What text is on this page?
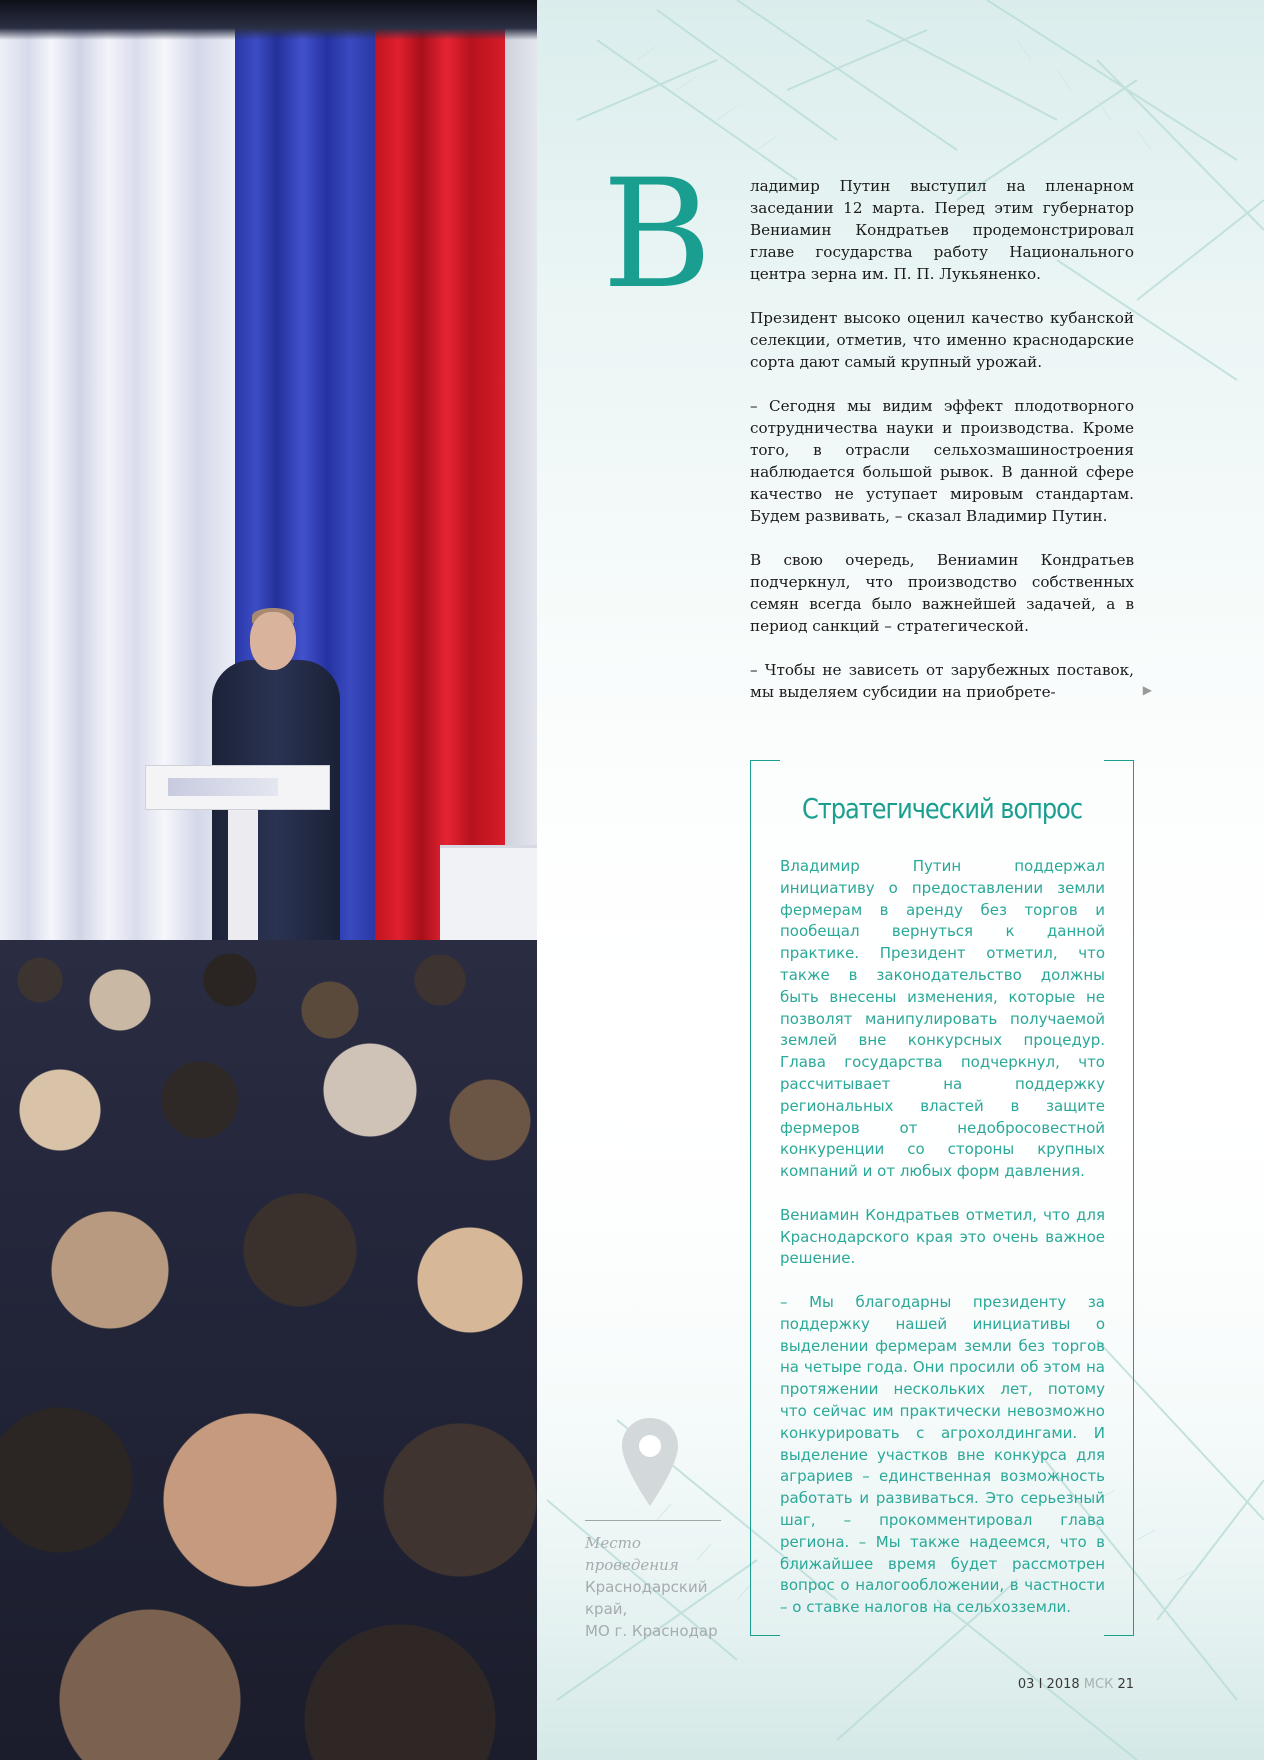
В ладимир Путин выступил на пленарном заседании 12 марта. Перед этим губернатор Вениамин Кондратьев продемонстрировал главе государства работу Национального центра зерна им. П. П. Лукьяненко.

Президент высоко оценил качество кубанской селекции, отметив, что именно краснодарские сорта дают самый крупный урожай.

– Сегодня мы видим эффект плодотворного сотрудничества науки и производства. Кроме того, в отрасли сельхозмашиностроения наблюдается большой рывок. В данной сфере качество не уступает мировым стандартам. Будем развивать, – сказал Владимир Путин.

В свою очередь, Вениамин Кондратьев подчеркнул, что производство собственных семян всегда было важнейшей задачей, а в период санкций – стратегической.

– Чтобы не зависеть от зарубежных поставок, мы выделяем субсидии на приобрете-	▶

Стратегический вопрос

Владимир Путин поддержал инициативу о предоставлении земли фермерам в аренду без торгов и пообещал вернуться к данной практике. Президент отметил, что также в законодательство должны быть внесены изменения, которые не позволят манипулировать получаемой землей вне конкурсных процедур. Глава государства подчеркнул, что рассчитывает на поддержку региональных властей в защите фермеров от недобросовестной конкуренции со стороны крупных компаний и от любых форм давления.

Вениамин Кондратьев отметил, что для Краснодарского края это очень важное решение.

– Мы благодарны президенту за поддержку нашей инициативы о выделении фермерам земли без торгов на четыре года. Они просили об этом на протяжении нескольких лет, потому что сейчас им практически невозможно конкурировать с агрохолдингами. И выделение участков вне конкурса для аграриев – единственная возможность работать и развиваться. Это серьезный шаг, – прокомментировал глава региона. – Мы также надеемся, что в ближайшее время будет рассмотрен вопрос о налогообложении, в частности – о ставке налогов на сельхозземли.

Место
проведения
Краснодарский
край,
МО г. Краснодар
03 I 2018 МСК 21
